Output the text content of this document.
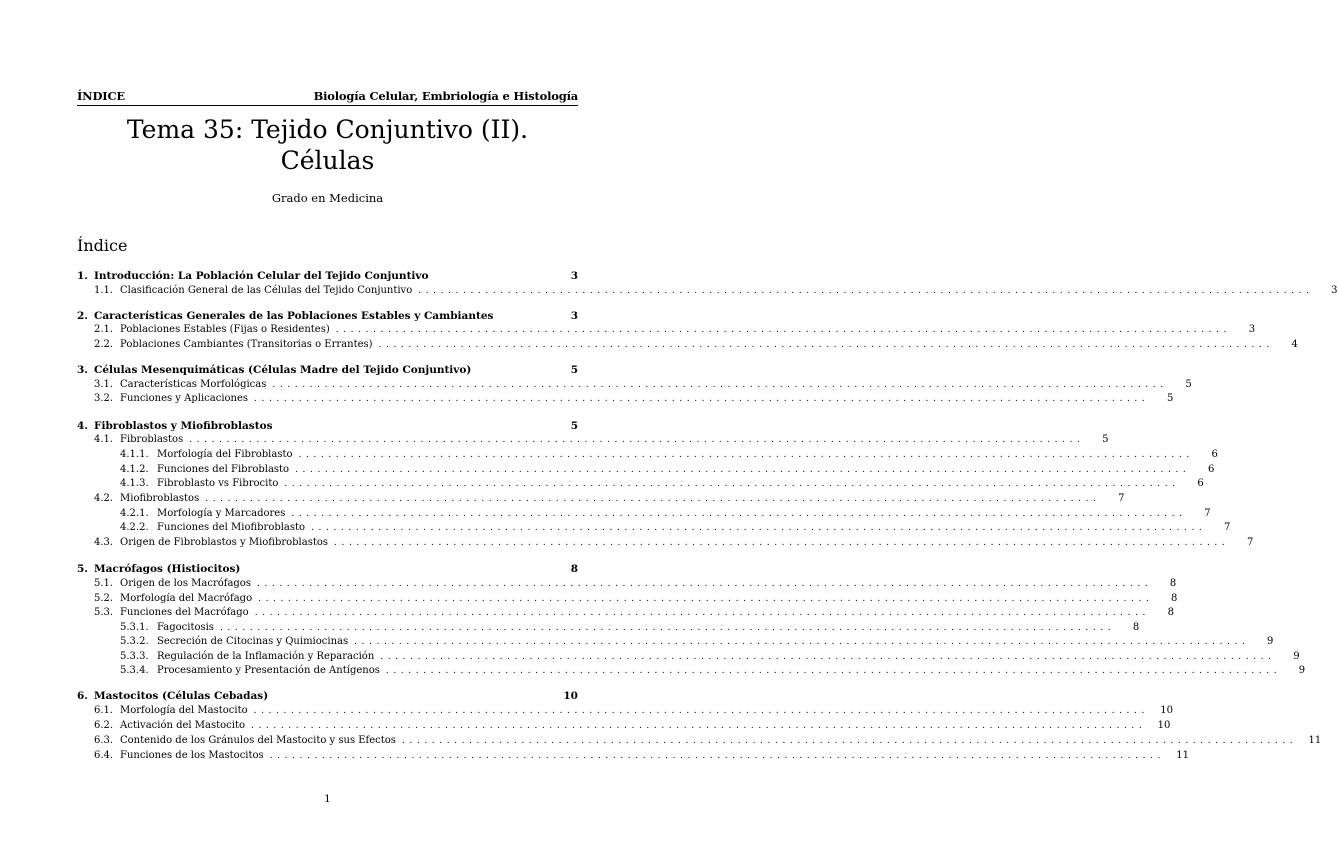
ÍNDICE	Biología Celular, Embriología e Histología
Tema 35: Tejido Conjuntivo (II).
Células
Grado en Medicina
Índice
1. Introducción: La Población Celular del Tejido Conjuntivo	3
1.1. Clasificación General de las Células del Tejido Conjuntivo ........................................................................................................................	3
2. Características Generales de las Poblaciones Estables y Cambiantes	3
2.1. Poblaciones Estables (Fijas o Residentes) ........................................................................................................................	3
2.2. Poblaciones Cambiantes (Transitorias o Errantes) ........................................................................................................................	4
3. Células Mesenquimáticas (Células Madre del Tejido Conjuntivo)	5
3.1. Características Morfológicas ........................................................................................................................	5
3.2. Funciones y Aplicaciones ........................................................................................................................	5
4. Fibroblastos y Miofibroblastos	5
4.1. Fibroblastos ........................................................................................................................	5
4.1.1. Morfología del Fibroblasto ........................................................................................................................	6
4.1.2. Funciones del Fibroblasto ........................................................................................................................	6
4.1.3. Fibroblasto vs Fibrocito ........................................................................................................................	6
4.2. Miofibroblastos ........................................................................................................................	7
4.2.1. Morfología y Marcadores ........................................................................................................................	7
4.2.2. Funciones del Miofibroblasto ........................................................................................................................	7
4.3. Origen de Fibroblastos y Miofibroblastos ........................................................................................................................	7
5. Macrófagos (Histiocitos)	8
5.1. Origen de los Macrófagos ........................................................................................................................	8
5.2. Morfología del Macrófago ........................................................................................................................	8
5.3. Funciones del Macrófago ........................................................................................................................	8
5.3.1. Fagocitosis ........................................................................................................................	8
5.3.2. Secreción de Citocinas y Quimiocinas ........................................................................................................................	9
5.3.3. Regulación de la Inflamación y Reparación ........................................................................................................................	9
5.3.4. Procesamiento y Presentación de Antígenos ........................................................................................................................	9
6. Mastocitos (Células Cebadas)	10
6.1. Morfología del Mastocito ........................................................................................................................	10
6.2. Activación del Mastocito ........................................................................................................................	10
6.3. Contenido de los Gránulos del Mastocito y sus Efectos ........................................................................................................................	11
6.4. Funciones de los Mastocitos ........................................................................................................................	11
1
